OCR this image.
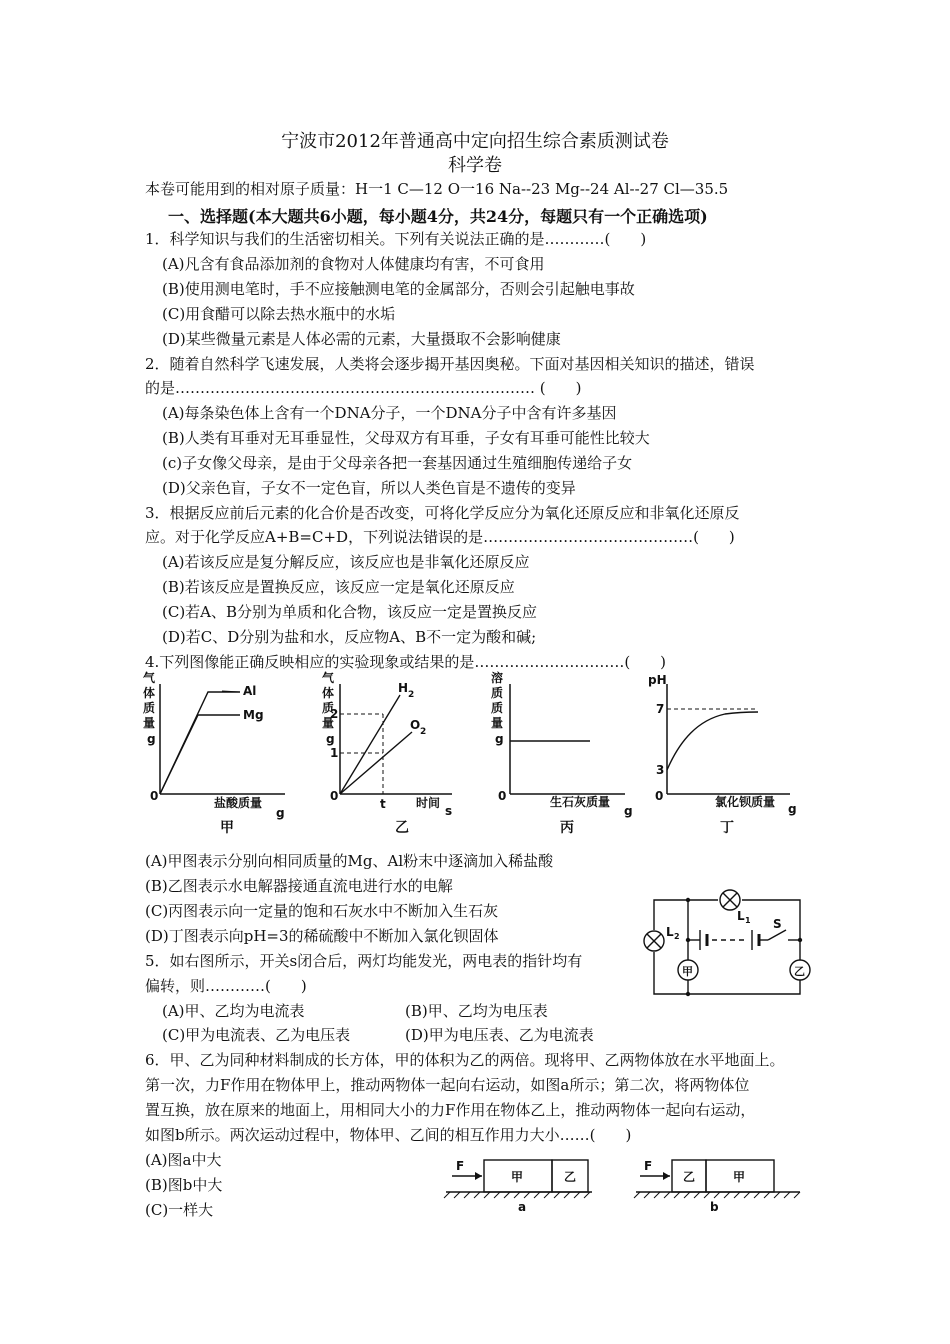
宁波市2012年普通高中定向招生综合素质测试卷
科学卷
本卷可能用到的相对原子质量：H一1 C—12 O一16 Na--23 Mg--24 Al--27 Cl—35.5
一、选择题(本大题共6小题，每小题4分，共24分，每题只有一个正确选项)
1．科学知识与我们的生活密切相关。下列有关说法正确的是…………(　　)
(A)凡含有食品添加剂的食物对人体健康均有害，不可食用
(B)使用测电笔时，手不应接触测电笔的金属部分，否则会引起触电事故
(C)用食醋可以除去热水瓶中的水垢
(D)某些微量元素是人体必需的元素，大量摄取不会影响健康
2．随着自然科学飞速发展，人类将会逐步揭开基因奥秘。下面对基因相关知识的描述，错误
的是……………………………………………………………… (　　)
(A)每条染色体上含有一个DNA分子，一个DNA分子中含有许多基因
(B)人类有耳垂对无耳垂显性，父母双方有耳垂，子女有耳垂可能性比较大
(c)子女像父母亲，是由于父母亲各把一套基因通过生殖细胞传递给子女
(D)父亲色盲，子女不一定色盲，所以人类色盲是不遗传的变异
3．根据反应前后元素的化合价是否改变，可将化学反应分为氧化还原反应和非氧化还原反
应。对于化学反应A+B=C+D，下列说法错误的是……………………………………(　　)
(A)若该反应是复分解反应，该反应也是非氧化还原反应
(B)若该反应是置换反应，该反应一定是氧化还原反应
(C)若A、B分别为单质和化合物，该反应一定是置换反应
(D)若C、D分别为盐和水，反应物A、B不一定为酸和碱;
4.下列图像能正确反映相应的实验现象或结果的是…………………………(　　)
气
体
质
量
g
0	盐酸质量
g
Al
Mg
甲
气
体
质
量
g
2
1
0
t	时间
s
H 2
O 2
乙
溶
质
质
量
g
0	生石灰质量
g
丙
pH
7
3
0	氯化钡质量 g
丁
(A)甲图表示分别向相同质量的Mg、Al粉末中逐滴加入稀盐酸
(B)乙图表示水电解器接通直流电进行水的电解
(C)丙图表示向一定量的饱和石灰水中不断加入生石灰
(D)丁图表示向pH=3的稀硫酸中不断加入氯化钡固体
5．如右图所示，开关s闭合后，两灯均能发光，两电表的指针均有
偏转，则…………(　　)
(A)甲、乙均为电流表	(B)甲、乙均为电压表
(C)甲为电流表、乙为电压表	(D)甲为电压表、乙为电流表
L 1
L 2
S
甲	乙
6．甲、乙为同种材料制成的长方体，甲的体积为乙的两倍。现将甲、乙两物体放在水平地面上。
第一次，力F作用在物体甲上，推动两物体一起向右运动，如图a所示；第二次，将两物体位
置互换，放在原来的地面上，用相同大小的力F作用在物体乙上，推动两物体一起向右运动，
如图b所示。两次运动过程中，物体甲、乙间的相互作用力大小……(　　)
(A)图a中大
(B)图b中大
(C)一样大
F
甲	乙
a
F
乙	甲
b
